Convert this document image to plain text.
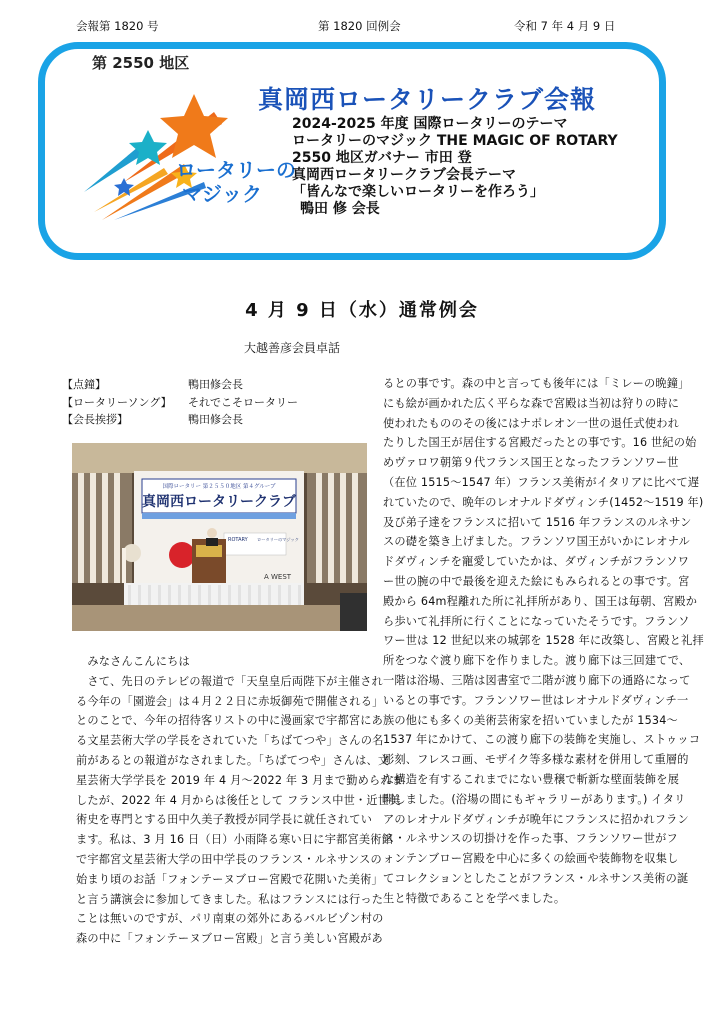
会報第 1820 号	第 1820 回例会	令和 7 年 4 月 9 日
第 2550 地区
ロータリーの
マジック
真岡西ロータリークラブ会報
2024-2025 年度 国際ロータリーのテーマ
ロータリーのマジック THE MAGIC OF ROTARY
2550 地区ガバナー 市田 登
真岡西ロータリークラブ会長テーマ
「皆んなで楽しいロータリーを作ろう」
鴨田 修 会長
4 月 9 日（水）通常例会
大越善彦会員卓話
【点鐘】	鴨田修会長
【ロータリーソング】 それでこそロータリー
【会長挨拶】	鴨田修会長
国際ロータリー 第２５５０地区 第４グループ
真岡西ロータリークラブ
ROTARY ロータリーのマジック
A WEST
　みなさんこんにちは
　さて、先日のテレビの報道で「天皇皇后両陛下が主催され
る今年の「園遊会」は４月２２日に赤坂御苑で開催される」
とのことで、今年の招待客リストの中に漫画家で宇都宮にあ
る文星芸術大学の学長をされていた「ちばてつや」さんの名
前があるとの報道がなされました。「ちばてつや」さんは、文
星芸術大学学長を 2019 年 4 月～2022 年 3 月まで勤められま
したが、2022 年 4 月からは後任として フランス中世・近世美
術史を専門とする田中久美子教授が同学長に就任されてい
ます。私は、3 月 16 日（日）小雨降る寒い日に宇都宮美術館
で宇都宮文星芸術大学の田中学長のフランス・ルネサンスの
始まり頃のお話「フォンテーヌブロー宮殿で花開いた美術」
と言う講演会に参加してきました。私はフランスには行った
ことは無いのですが、パリ南東の郊外にあるバルビゾン村の
森の中に「フォンテーヌブロー宮殿」と言う美しい宮殿があ
るとの事です。森の中と言っても後年には「ミレーの晩鐘」
にも絵が画かれた広く平らな森で宮殿は当初は狩りの時に
使われたもののその後にはナポレオン一世の退任式使われ
たりした国王が居住する宮殿だったとの事です。16 世紀の始
めヴァロワ朝第９代フランス国王となったフランソワー世
（在位 1515～1547 年）フランス美術がイタリアに比べて遅
れていたので、晩年のレオナルドダヴィンチ(1452～1519 年)
及び弟子達をフランスに招いて 1516 年フランスのルネサン
スの礎を築き上げました。フランソワ国王がいかにレオナル
ドダヴィンチを寵愛していたかは、ダヴィンチがフランソワ
ー世の腕の中で最後を迎えた絵にもみられるとの事です。宮
殿から 64m程離れた所に礼拝所があり、国王は毎朝、宮殿か
ら歩いて礼拝所に行くことになっていたそうです。フランソ
ワー世は 12 世紀以来の城郭を 1528 年に改築し、宮殿と礼拝
所をつなぐ渡り廊下を作りました。渡り廊下は三回建てで、
一階は浴場、三階は図書室で二階が渡り廊下の通路になって
いるとの事です。フランソワー世はレオナルドダヴィンチ一
族の他にも多くの美術芸術家を招いていましたが 1534～
1537 年にかけて、この渡り廊下の装飾を実施し、ストゥッコ
彫刻、フレスコ画、モザイク等多様な素材を併用して重層的
な構造を有するこれまでにない豊穣で斬新な壁面装飾を展
開しました。(浴場の間にもギャラリーがあります。) イタリ
アのレオナルドダヴィンチが晩年にフランスに招かれフラン
ス・ルネサンスの切掛けを作った事、フランソワー世がフ
ォンテンブロー宮殿を中心に多くの絵画や装飾物を収集し
てコレクションとしたことがフランス・ルネサンス美術の誕
生と特徴であることを学べました。
